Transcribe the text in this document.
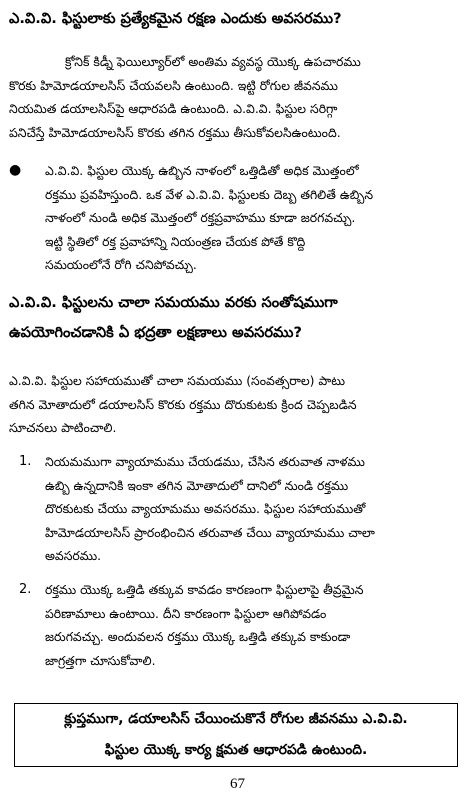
ఎ.వి.వి. ఫిస్టులాకు ప్రత్యేకమైన రక్షణ ఎందుకు అవసరము?
క్రోనిక్ కిడ్నీ ఫెయిల్యూర్‌లో అంతిమ వ్యవస్థ యొక్క ఉపచారము
కొరకు హిమోడయాలసిస్ చేయవలసి ఉంటుంది. ఇట్టి రోగుల జీవనము
నియమిత డయాలసిస్‌పై ఆధారపడి ఉంటుంది. ఎ.వి.వి. ఫిస్టుల సరిగ్గా
పనిచేస్తే హిమోడయాలసిస్ కొరకు తగిన రక్తము తీసుకోవలసిఉంటుంది.
● ఎ.వి.వి. ఫిస్టుల యొక్క ఉబ్బిన నాళంలో ఒత్తిడితో అధిక మొత్తంలో
రక్తము ప్రవహిస్తుంది. ఒక వేళ ఎ.వి.వి. ఫిస్టులకు దెబ్బ తగిలితే ఉబ్బిన
నాళంలో నుండి అధిక మొత్తంలో రక్తప్రవాహము కూడా జరగవచ్చు.
ఇట్టి స్థితిలో రక్త ప్రవాహాన్ని నియంత్రణ చేయక పోతే కొద్ది
సమయంలోనే రోగి చనిపోవచ్చు.
ఎ.వి.వి. ఫిస్టులను చాలా సమయము వరకు సంతోషముగా
ఉపయోగించడానికి ఏ భద్రతా లక్షణాలు అవసరము?
ఎ.వి.వి. ఫిస్టుల సహాయముతో చాలా సమయము (సంవత్సరాల) పాటు
తగిన మోతాదులో డయాలసిస్ కొరకు రక్తము దొరుకుటకు క్రింద చెప్పబడిన
సూచనలు పాటించాలి.
1. నియమముగా వ్యాయామము చేయడము, చేసిన తరువాత నాళము
ఉబ్బి ఉన్నదానికి ఇంకా తగిన మోతాదులో దానిలో నుండి రక్తము
దొరకుటకు చేయు వ్యాయామము అవసరము. ఫిస్టుల సహాయముతో
హిమోడయాలసిస్ ప్రారంభించిన తరువాత చేయి వ్యాయామము చాలా
అవసరము.
2. రక్తము యొక్క ఒత్తిడి తక్కువ కావడం కారణంగా ఫిస్టులాపై తీవ్రమైన
పరిణామాలు ఉంటాయి. దీని కారణంగా ఫిస్టులా ఆగిపోవడం
జరుగవచ్చు. అందువలన రక్తము యొక్క ఒత్తిడి తక్కువ కాకుండా
జాగ్రత్తగా చూసుకోవాలి.
క్లుప్తముగా, డయాలసిస్ చేయించుకొనే రోగుల జీవనము ఎ.వి.వి.
ఫిస్టుల యొక్క కార్య క్షమత ఆధారపడి ఉంటుంది.
67
